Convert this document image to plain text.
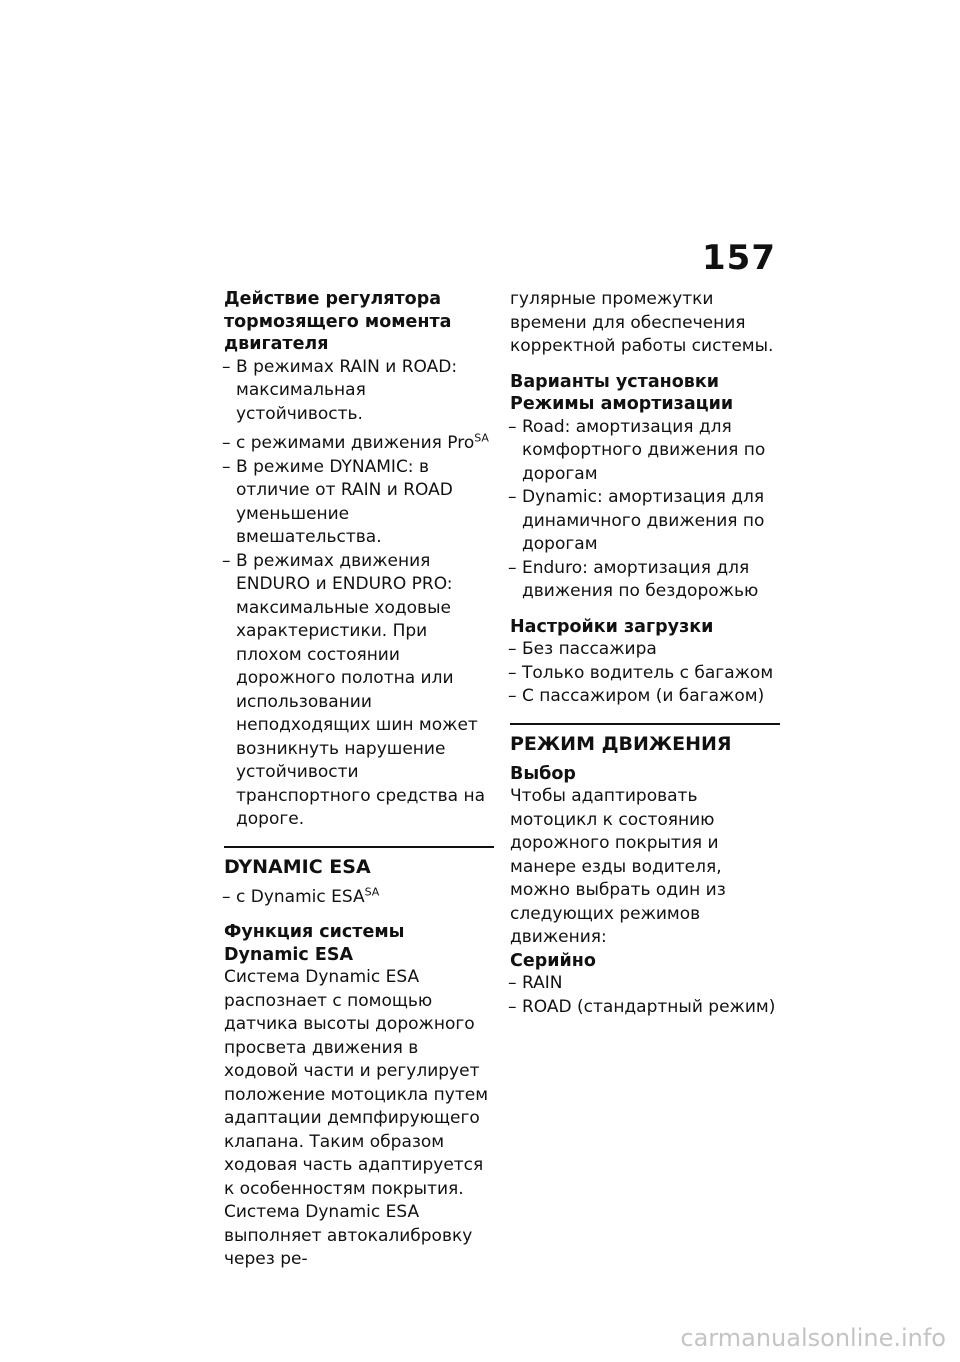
157
Действие регулятора
тормозящего момента
двигателя
– В режимах RAIN и ROAD: максимальная устойчивость.
– с режимами движения Pro$^{SA}$
– В режиме DYNAMIC: в отличие от RAIN и ROAD уменьшение вмешательства.
– В режимах движения ENDURO и ENDURO PRO: максимальные ходовые характеристики. При плохом состоянии дорожного полотна или использовании неподходящих шин может возникнуть нарушение устойчивости транспортного средства на дороге.
DYNAMIC ESA
– с Dynamic $ESA^{SA}$
Функция системы
Dynamic ESA

Система Dynamic ESA распознает с помощью датчика высоты дорожного просвета движения в ходовой части и регулирует положение мотоцикла путем адаптации демпфирующего клапана. Таким образом ходовая часть адаптируется к особенностям покрытия. Система Dynamic ESA выполняет автокалибровку через ре-

гулярные промежутки времени для обеспечения корректной работы системы.

Варианты установки
Режимы амортизации
– Road: амортизация для комфортного движения по дорогам
– Dynamic: амортизация для динамичного движения по дорогам
– Enduro: амортизация для движения по бездорожью
Настройки загрузки
– Без пассажира
– Только водитель с багажом
– С пассажиром (и багажом)
РЕЖИМ ДВИЖЕНИЯ
Выбор

Чтобы адаптировать мотоцикл к состоянию дорожного покрытия и манере езды водителя, можно выбрать один из следующих режимов движения:

Серийно
– RAIN
– ROAD (стандартный режим)
carmanualsonline.info
